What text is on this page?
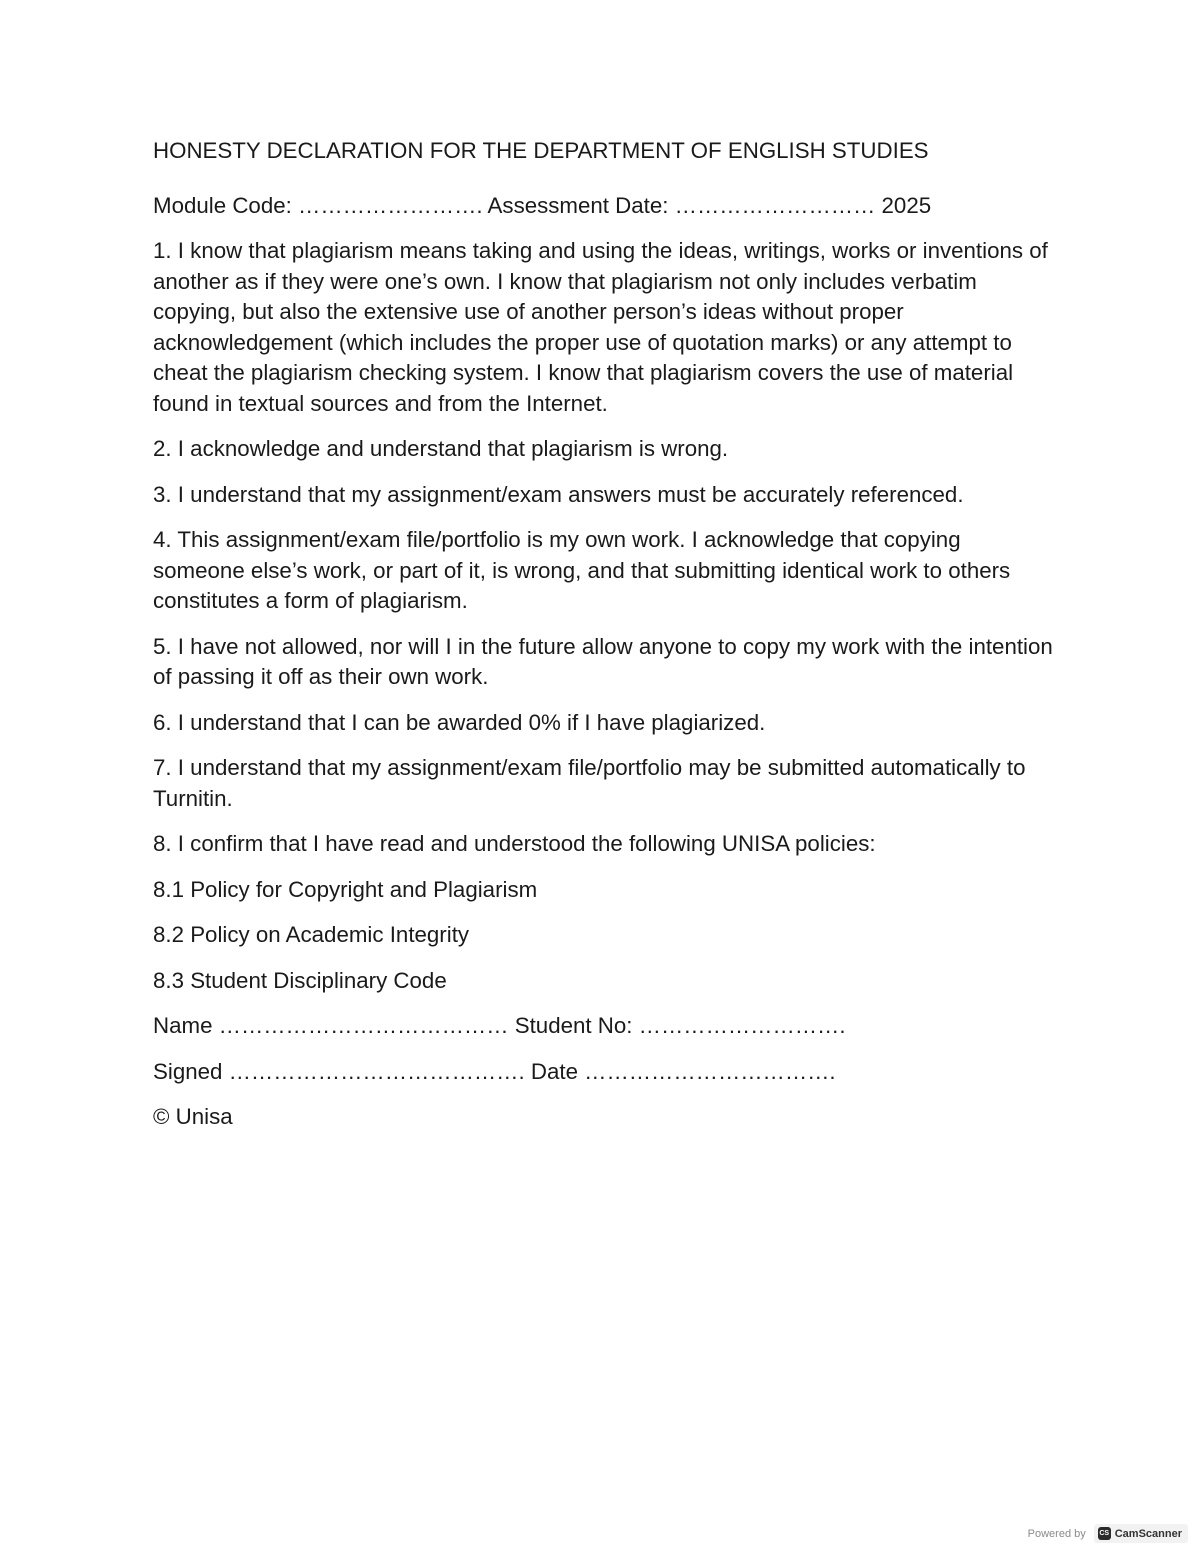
HONESTY DECLARATION FOR THE DEPARTMENT OF ENGLISH STUDIES
Module Code: ……………………. Assessment Date: ……………………… 2025
1. I know that plagiarism means taking and using the ideas, writings, works or inventions of another as if they were one’s own. I know that plagiarism not only includes verbatim copying, but also the extensive use of another person’s ideas without proper acknowledgement (which includes the proper use of quotation marks) or any attempt to cheat the plagiarism checking system. I know that plagiarism covers the use of material found in textual sources and from the Internet.
2. I acknowledge and understand that plagiarism is wrong.
3. I understand that my assignment/exam answers must be accurately referenced.
4. This assignment/exam file/portfolio is my own work. I acknowledge that copying someone else’s work, or part of it, is wrong, and that submitting identical work to others constitutes a form of plagiarism.
5. I have not allowed, nor will I in the future allow anyone to copy my work with the intention of passing it off as their own work.
6. I understand that I can be awarded 0% if I have plagiarized.
7. I understand that my assignment/exam file/portfolio may be submitted automatically to Turnitin.
8. I confirm that I have read and understood the following UNISA policies:
8.1 Policy for Copyright and Plagiarism
8.2 Policy on Academic Integrity
8.3 Student Disciplinary Code
Name ………………………………… Student No: ……………………….
Signed …………………………………. Date …………………………….
© Unisa
Powered by CS CamScanner
